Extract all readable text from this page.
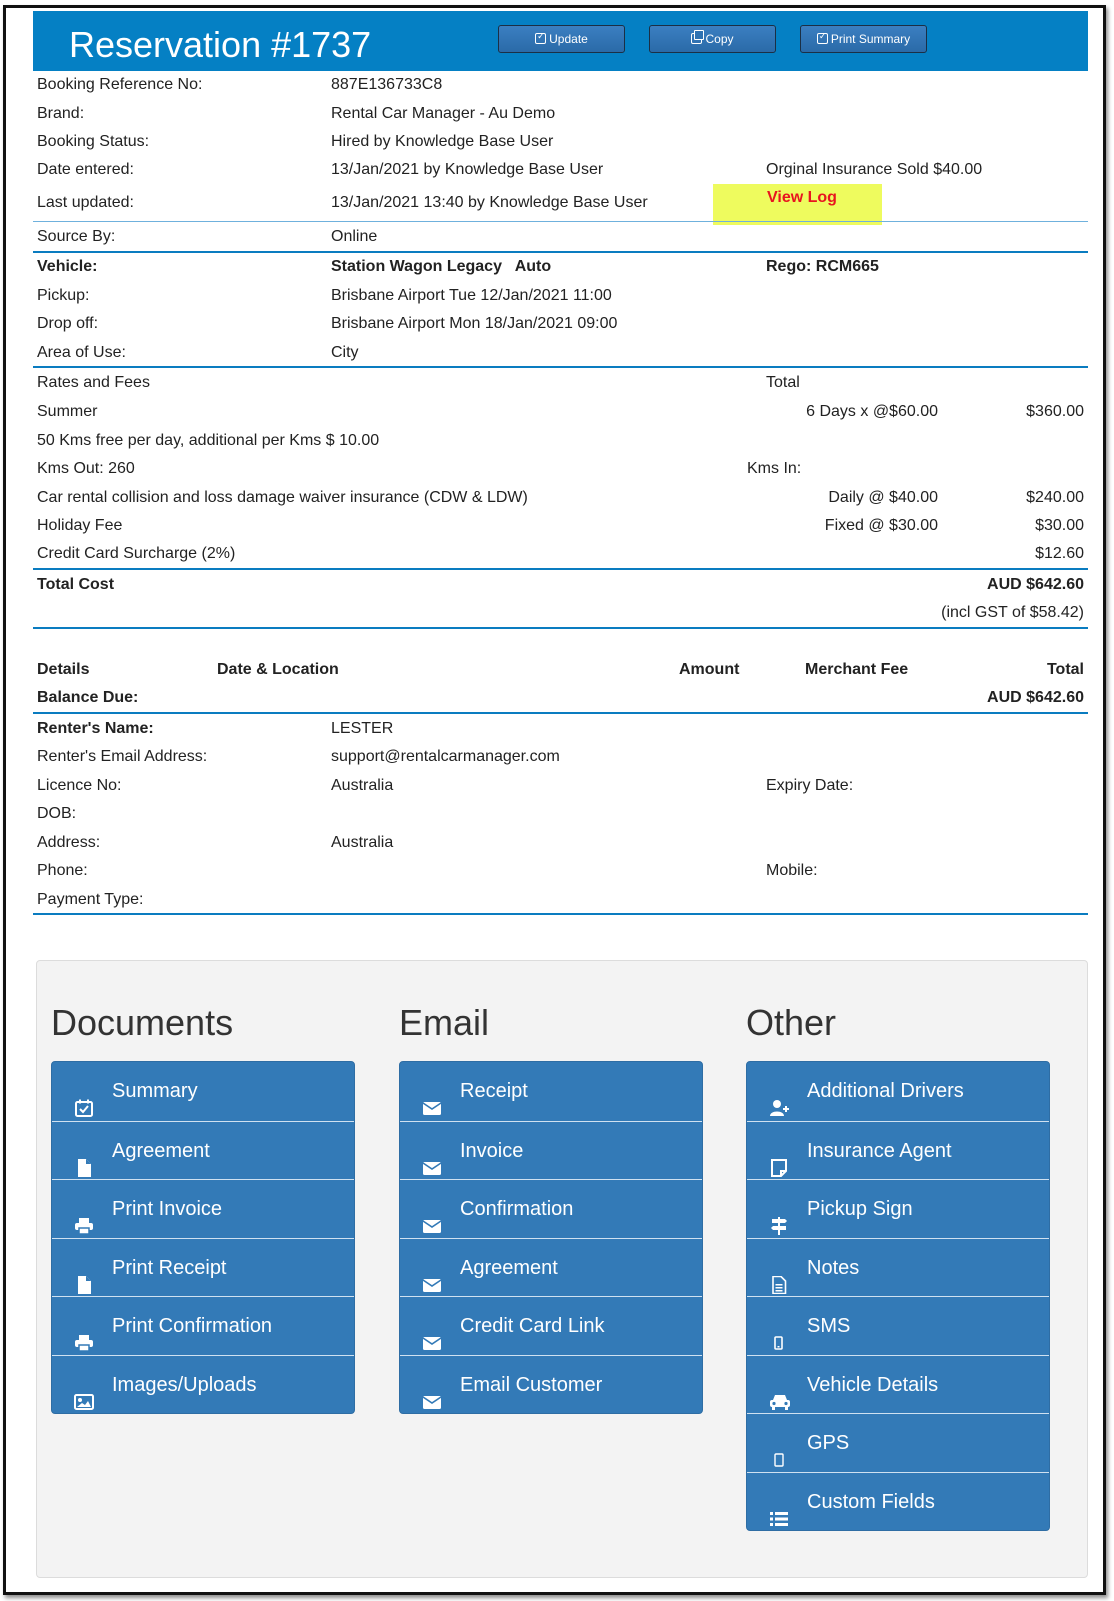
Reservation #1737 ✓	Update	Copy ✓	Print Summary
View Log
Booking Reference No:	887E136733C8
Brand:	Rental Car Manager - Au Demo
Booking Status:	Hired by Knowledge Base User
Date entered:	13/Jan/2021 by Knowledge Base User	Orginal Insurance Sold $40.00
Last updated:	13/Jan/2021 13:40 by Knowledge Base User
Source By:	Online
Vehicle:	Station Wagon Legacy   Auto	Rego: RCM665
Pickup:	Brisbane Airport Tue 12/Jan/2021 11:00
Drop off:	Brisbane Airport Mon 18/Jan/2021 09:00
Area of Use:	City
Rates and Fees	Total
Summer	6 Days x @$60.00	$360.00
50 Kms free per day, additional per Kms $ 10.00
Kms Out: 260	Kms In:
Car rental collision and loss damage waiver insurance (CDW & LDW)	Daily @ $40.00	$240.00
Holiday Fee	Fixed @ $30.00	$30.00
Credit Card Surcharge (2%)	$12.60
Total Cost	AUD $642.60
(incl GST of $58.42)
Details	Date & Location	Amount	Merchant Fee	Total
Balance Due:	AUD $642.60
Renter's Name:	LESTER
Renter's Email Address:	support@rentalcarmanager.com
Licence No:	Australia	Expiry Date:
DOB:
Address:	Australia
Phone:	Mobile:
Payment Type:
Documents
Summary
Agreement
Print Invoice
Print Receipt
Print Confirmation
Images/Uploads
Email
Receipt
Invoice
Confirmation
Agreement
Credit Card Link
Email Customer
Other
Additional Drivers
Insurance Agent
Pickup Sign
Notes
SMS
Vehicle Details
GPS
Custom Fields
